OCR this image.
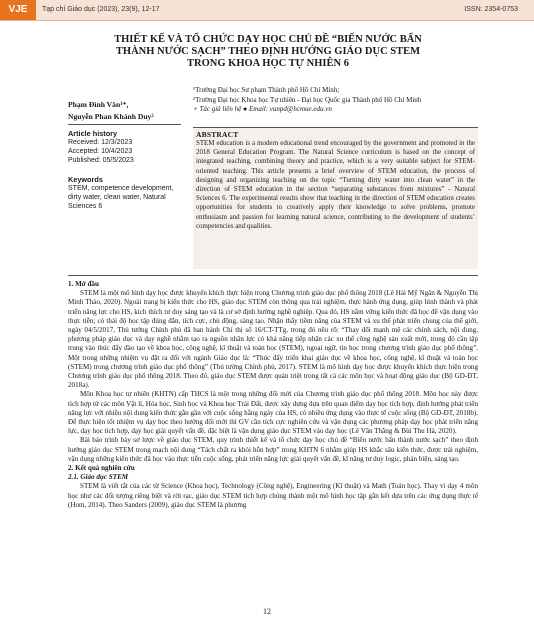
VJE	Tạp chí Giáo dục (2023), 23(9), 12-17	ISSN: 2354-0753
THIẾT KẾ VÀ TỔ CHỨC DẠY HỌC CHỦ ĐỀ “BIẾN NƯỚC BẨN
THÀNH NƯỚC SẠCH” THEO ĐỊNH HƯỚNG GIÁO DỤC STEM
TRONG KHOA HỌC TỰ NHIÊN 6
Phạm Đình Văn¹⁺,
Nguyễn Phan Khánh Duy²
¹Trường Đại học Sư phạm Thành phố Hồ Chí Minh;
²Trường Đại học Khoa học Tự nhiên - Đại học Quốc gia Thành phố Hồ Chí Minh
+ Tác giả liên hệ ● Email: vanpd@hcmue.edu.vn
Article history
Received: 12/3/2023
Accepted: 10/4/2023
Published: 05/5/2023
Keywords
STEM, competence development, dirty water, clean water, Natural Sciences 6
ABSTRACT

STEM education is a modern educational trend encouraged by the government and promoted in the 2018 General Education Program. The Natural Science curriculum is based on the concept of integrated teaching, combining theory and practice, which is a very suitable subject for STEM-oriented teaching. This article presents a brief overview of STEM education, the process of designing and organizing teaching on the topic “Turning dirty water into clean water” in the direction of STEM education in the section “separating substances from mixtures” - Natural Sciences 6. The experimental results show that teaching in the direction of STEM education creates opportunities for students to creatively apply their knowledge to solve problems, promote enthusiasm and passion for learning natural science, contributing to the development of students’ competencies and qualities.

1. Mở đầu

STEM là một mô hình dạy học được khuyến khích thực hiện trong Chương trình giáo dục phổ thông 2018 (Lê Hải Mỹ Ngân & Nguyễn Thị Minh Thảo, 2020). Ngoài trang bị kiến thức cho HS, giáo dục STEM còn thông qua trải nghiệm, thực hành ứng dụng, giúp hình thành và phát triển năng lực cho HS, kích thích tư duy sáng tạo và là cơ sở định hướng nghề nghiệp. Qua đó, HS nắm vững kiến thức đã học để vận dụng vào thực tiễn; có thái độ học tập đúng đắn, tích cực, chủ động, sáng tạo. Nhận thấy tiềm năng của STEM và xu thế phát triển chung của thế giới, ngày 04/5/2017, Thủ tướng Chính phủ đã ban hành Chỉ thị số 16/CT-TTg, trong đó nêu rõ: “Thay đổi mạnh mẽ các chính sách, nội dung, phương pháp giáo dục và dạy nghề nhằm tạo ra nguồn nhân lực có khả năng tiếp nhận các xu thế công nghệ sản xuất mới, trong đó cần tập trung vào thúc đẩy đào tạo về khoa học, công nghệ, kĩ thuật và toán học (STEM), ngoại ngữ, tin học trong chương trình giáo dục phổ thông”. Một trong những nhiệm vụ đặt ra đối với ngành Giáo dục là: “Thúc đẩy triển khai giáo dục về khoa học, công nghệ, kĩ thuật và toán học (STEM) trong chương trình giáo dục phổ thông” (Thủ tướng Chính phủ, 2017). STEM là mô hình dạy học được khuyến khích thực hiện trong Chương trình giáo dục phổ thông 2018. Theo đó, giáo dục STEM được quán triệt trong tất cả các môn học và hoạt động giáo dục (Bộ GD-ĐT, 2018a).

Môn Khoa học tự nhiên (KHTN) cấp THCS là một trong những đổi mới của Chương trình giáo dục phổ thông 2018. Môn học này được tích hợp từ các môn Vật lí, Hóa học, Sinh học và Khoa học Trái Đất, được xây dựng dựa trên quan điểm dạy học tích hợp, định hướng phát triển năng lực với nhiều nội dung kiến thức gắn gần với cuộc sống hằng ngày của HS, có nhiều ứng dụng vào thực tế cuộc sống (Bộ GD-ĐT, 2018b). Để thực hiện tốt nhiệm vụ dạy học theo hướng đổi mới thì GV cần tích cực nghiên cứu và vận dụng các phương pháp dạy học phát triển năng lực, dạy học tích hợp, dạy học giải quyết vấn đề, đặc biệt là vận dụng giáo dục STEM vào dạy học (Lê Văn Thắng & Bùi Thu Hà, 2020).

Bài báo trình bày sơ lược về giáo dục STEM, quy trình thiết kế và tổ chức dạy học chủ đề “Biến nước bẩn thành nước sạch” theo định hướng giáo dục STEM trong mạch nội dung “Tách chất ra khỏi hỗn hợp” trong KHTN 6 nhằm giúp HS khắc sâu kiến thức, được trải nghiệm, vận dụng những kiến thức đã học vào thực tiễn cuộc sống, phát triển năng lực giải quyết vấn đề, kĩ năng tư duy logic, phản biện, sáng tạo.

2. Kết quả nghiên cứu

2.1. Giáo dục STEM

STEM là viết tắt của các từ Science (Khoa học), Technology (Công nghệ), Engineering (Kĩ thuật) và Math (Toán học). Thay vì dạy 4 môn học như các đối tượng riêng biệt và rời rạc, giáo dục STEM tích hợp chúng thành một mô hình học tập gắn kết dựa trên các ứng dụng thực tế (Hom, 2014). Theo Sanders (2009), giáo dục STEM là phương

12
